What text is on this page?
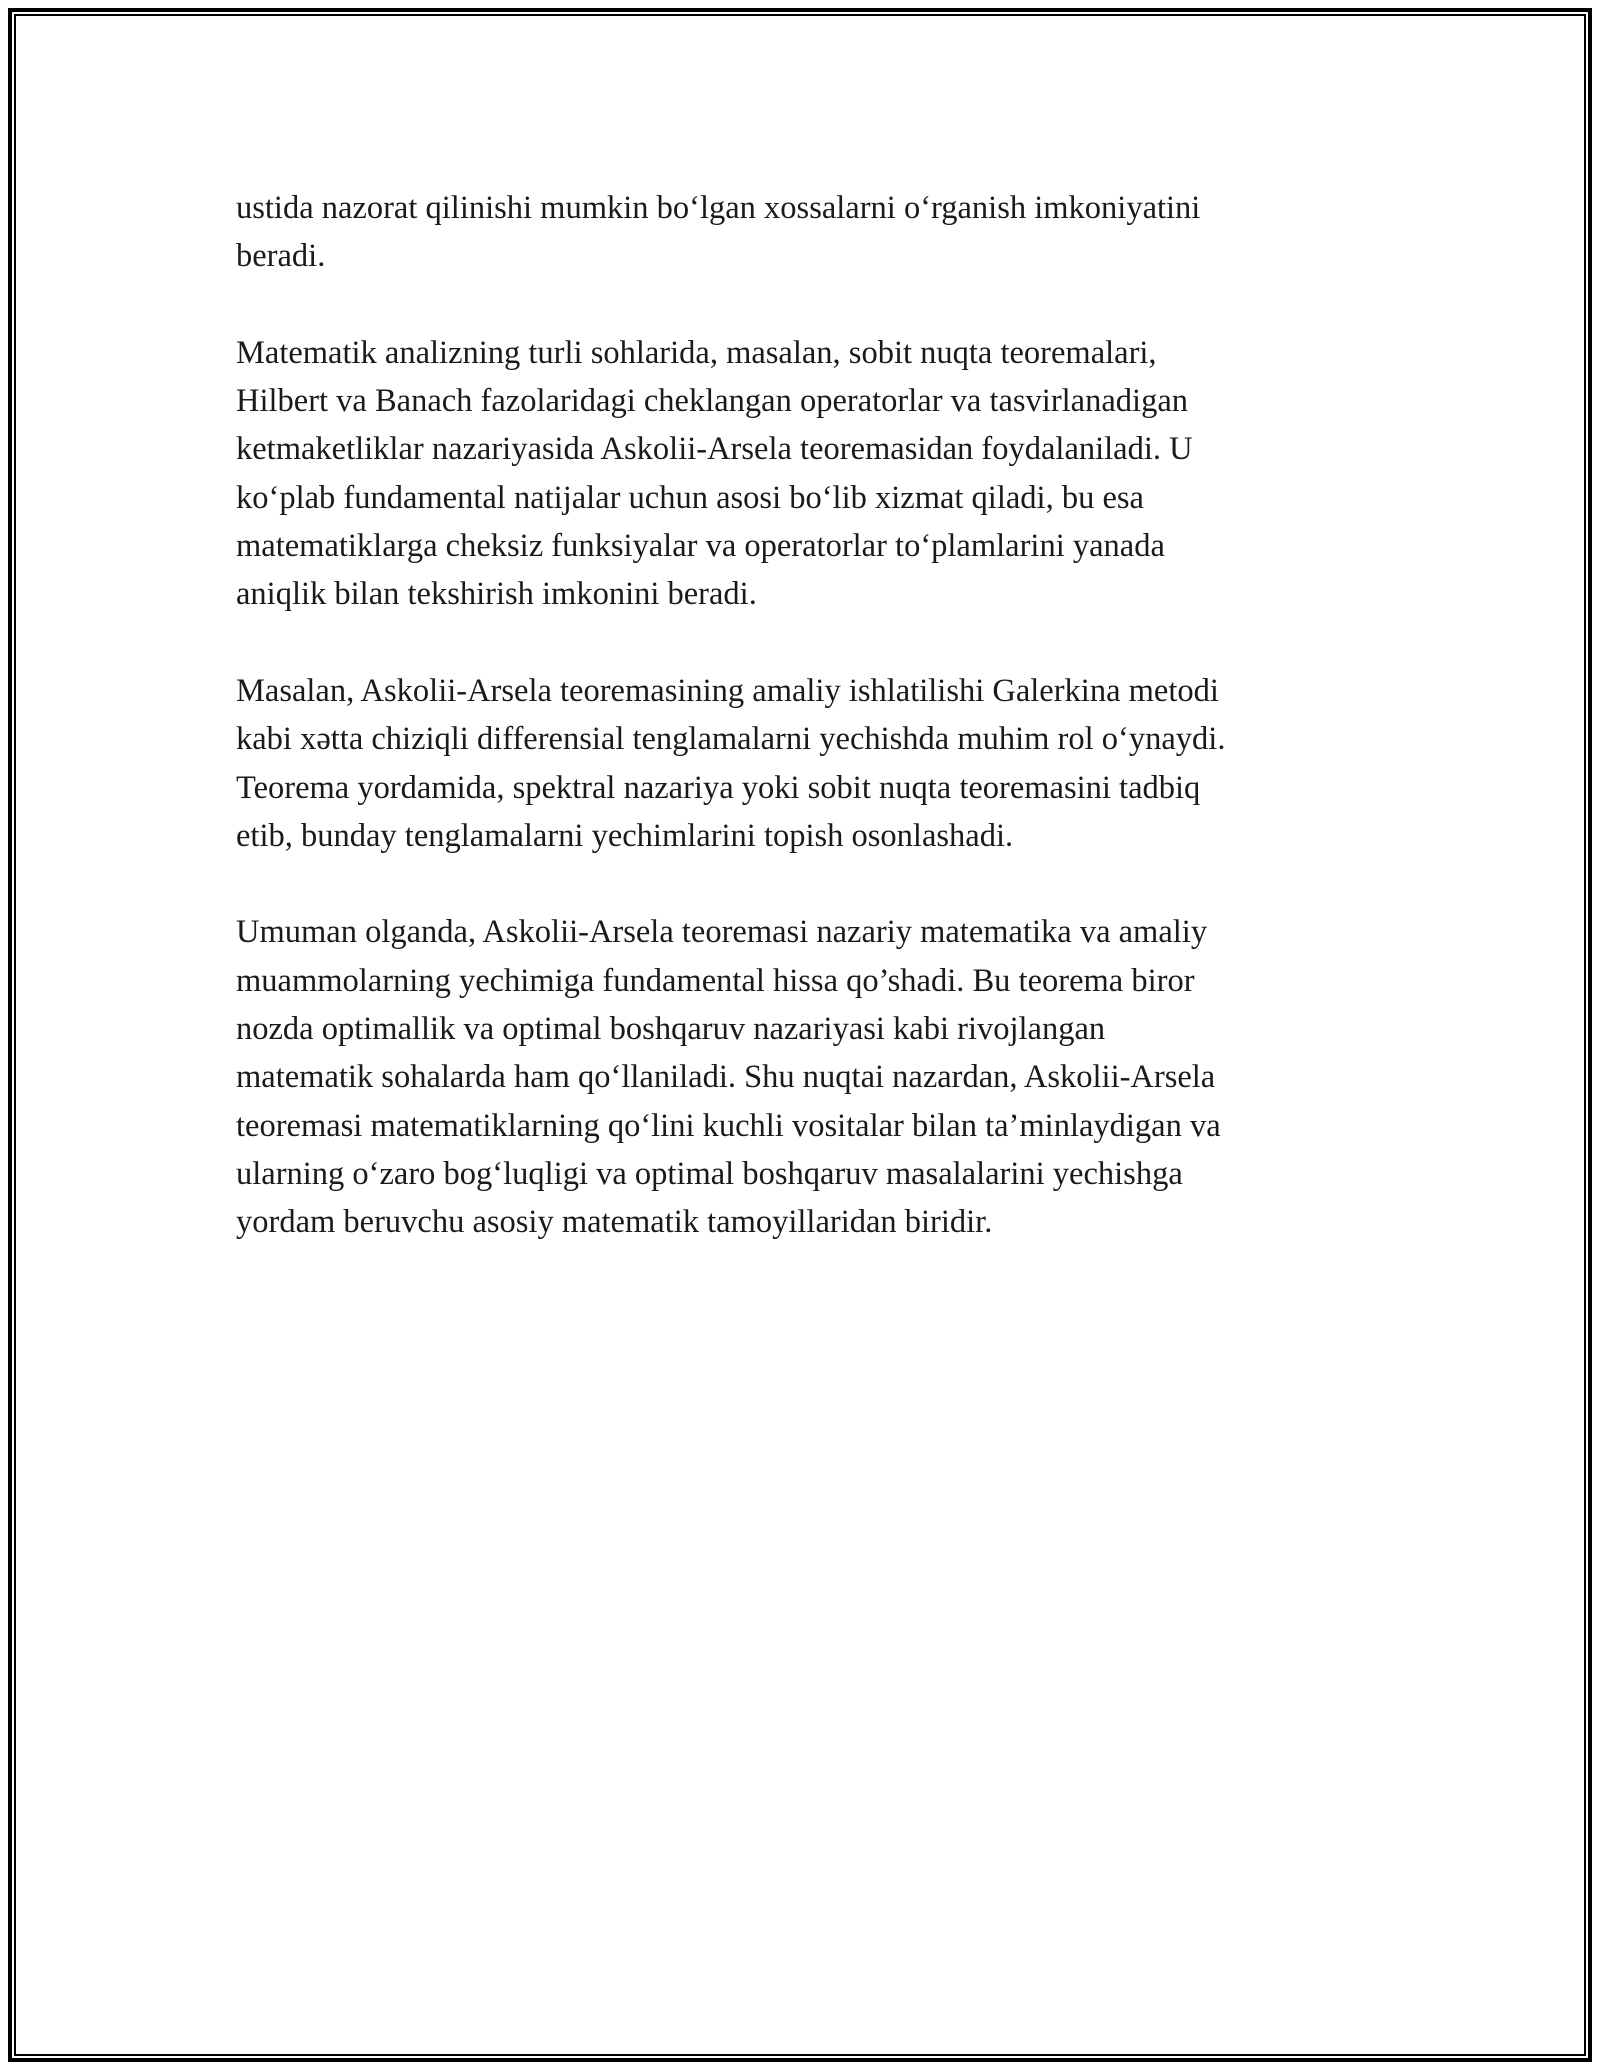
ustida nazorat qilinishi mumkin bo‘lgan xossalarni o‘rganish imkoniyatini
beradi.

Matematik analizning turli sohlarida, masalan, sobit nuqta teoremalari,
Hilbert va Banach fazolaridagi cheklangan operatorlar va tasvirlanadigan
ketmaketliklar nazariyasida Askolii-Arsela teoremasidan foydalaniladi. U
ko‘plab fundamental natijalar uchun asosi bo‘lib xizmat qiladi, bu esa
matematiklarga cheksiz funksiyalar va operatorlar to‘plamlarini yanada
aniqlik bilan tekshirish imkonini beradi.

Masalan, Askolii-Arsela teoremasining amaliy ishlatilishi Galerkina metodi
kabi xətta chiziqli differensial tenglamalarni yechishda muhim rol o‘ynaydi.
Teorema yordamida, spektral nazariya yoki sobit nuqta teoremasini tadbiq
etib, bunday tenglamalarni yechimlarini topish osonlashadi.

Umuman olganda, Askolii-Arsela teoremasi nazariy matematika va amaliy
muammolarning yechimiga fundamental hissa qo’shadi. Bu teorema biror
nozda optimallik va optimal boshqaruv nazariyasi kabi rivojlangan
matematik sohalarda ham qo‘llaniladi. Shu nuqtai nazardan, Askolii-Arsela
teoremasi matematiklarning qo‘lini kuchli vositalar bilan ta’minlaydigan va
ularning o‘zaro bog‘luqligi va optimal boshqaruv masalalarini yechishga
yordam beruvchu asosiy matematik tamoyillaridan biridir.
